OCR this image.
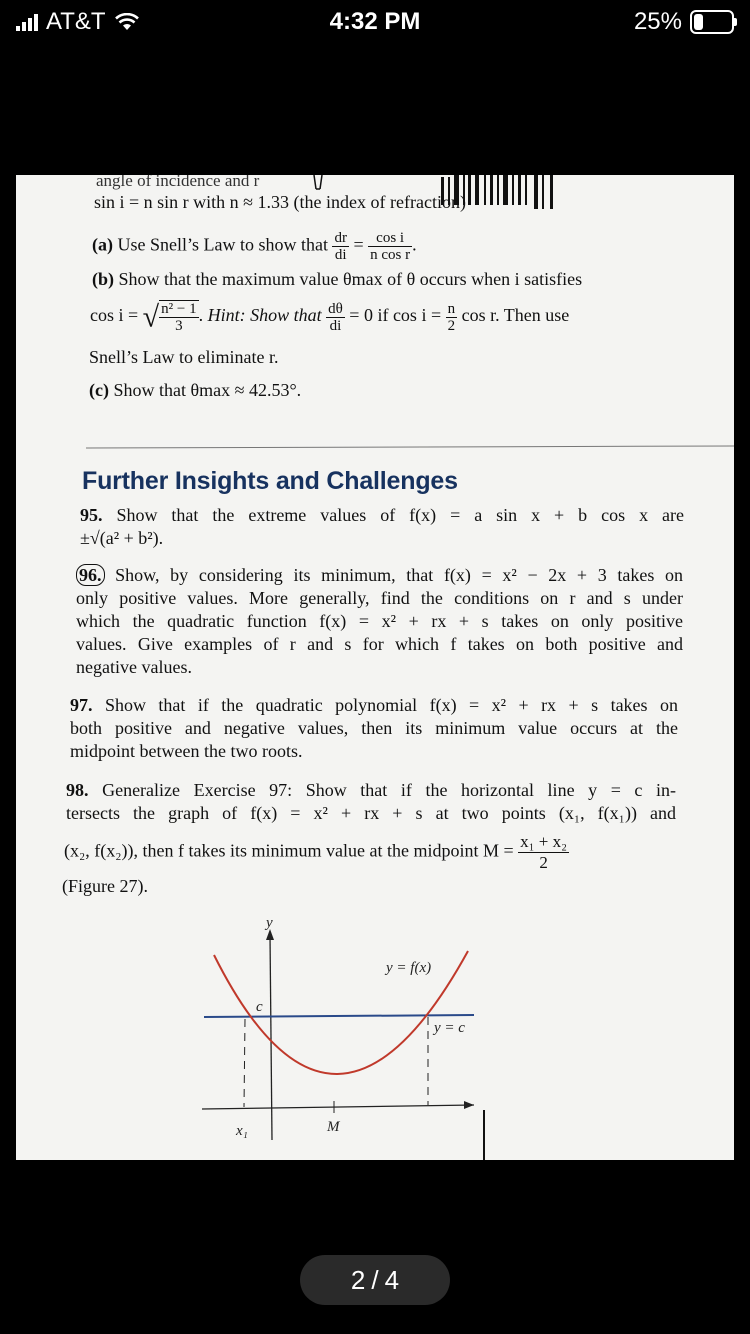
AT&T	4:32 PM	25%
angle of incidence and r
sin i = n sin r with n ≈ 1.33 (the index of refraction)
(a) Use Snell’s Law to show that $\frac{dr}{di} = \frac{\text{cos i}}{\text{n cos r}}$ .
(b) Show that the maximum value θmax of θ occurs when i satisfies
cos i = √ $\frac{\text{n² − 1}}{3}$ . Hint: Show that $\frac{d\theta}{di} = 0$ if $\cos i = \frac{n}{2}$ cos r. Then use
Snell’s Law to eliminate r.
(c) Show that θmax ≈ 42.53°.
Further Insights and Challenges
95. Show that the extreme values of f(x) = a sin x + b cos x are
±√(a² + b²).
96. Show, by considering its minimum, that f(x) = x² − 2x + 3 takes on
only positive values. More generally, find the conditions on r and s under
which the quadratic function f(x) = x² + rx + s takes on only positive
values. Give examples of r and s for which f takes on both positive and
negative values.
97. Show that if the quadratic polynomial f(x) = x² + rx + s takes on
both positive and negative values, then its minimum value occurs at the
midpoint between the two roots.
98. Generalize Exercise 97: Show that if the horizontal line y = c in-
tersects the graph of f(x) = x² + rx + s at two points (x₁, f(x₁)) and
(x₂, f(x₂)), then f takes its minimum value at the midpoint $M = \frac{\text{x₁ + x₂}}{2}$
(Figure 27).
y
y = f(x)
y = c
c
x₁	M
2 / 4
